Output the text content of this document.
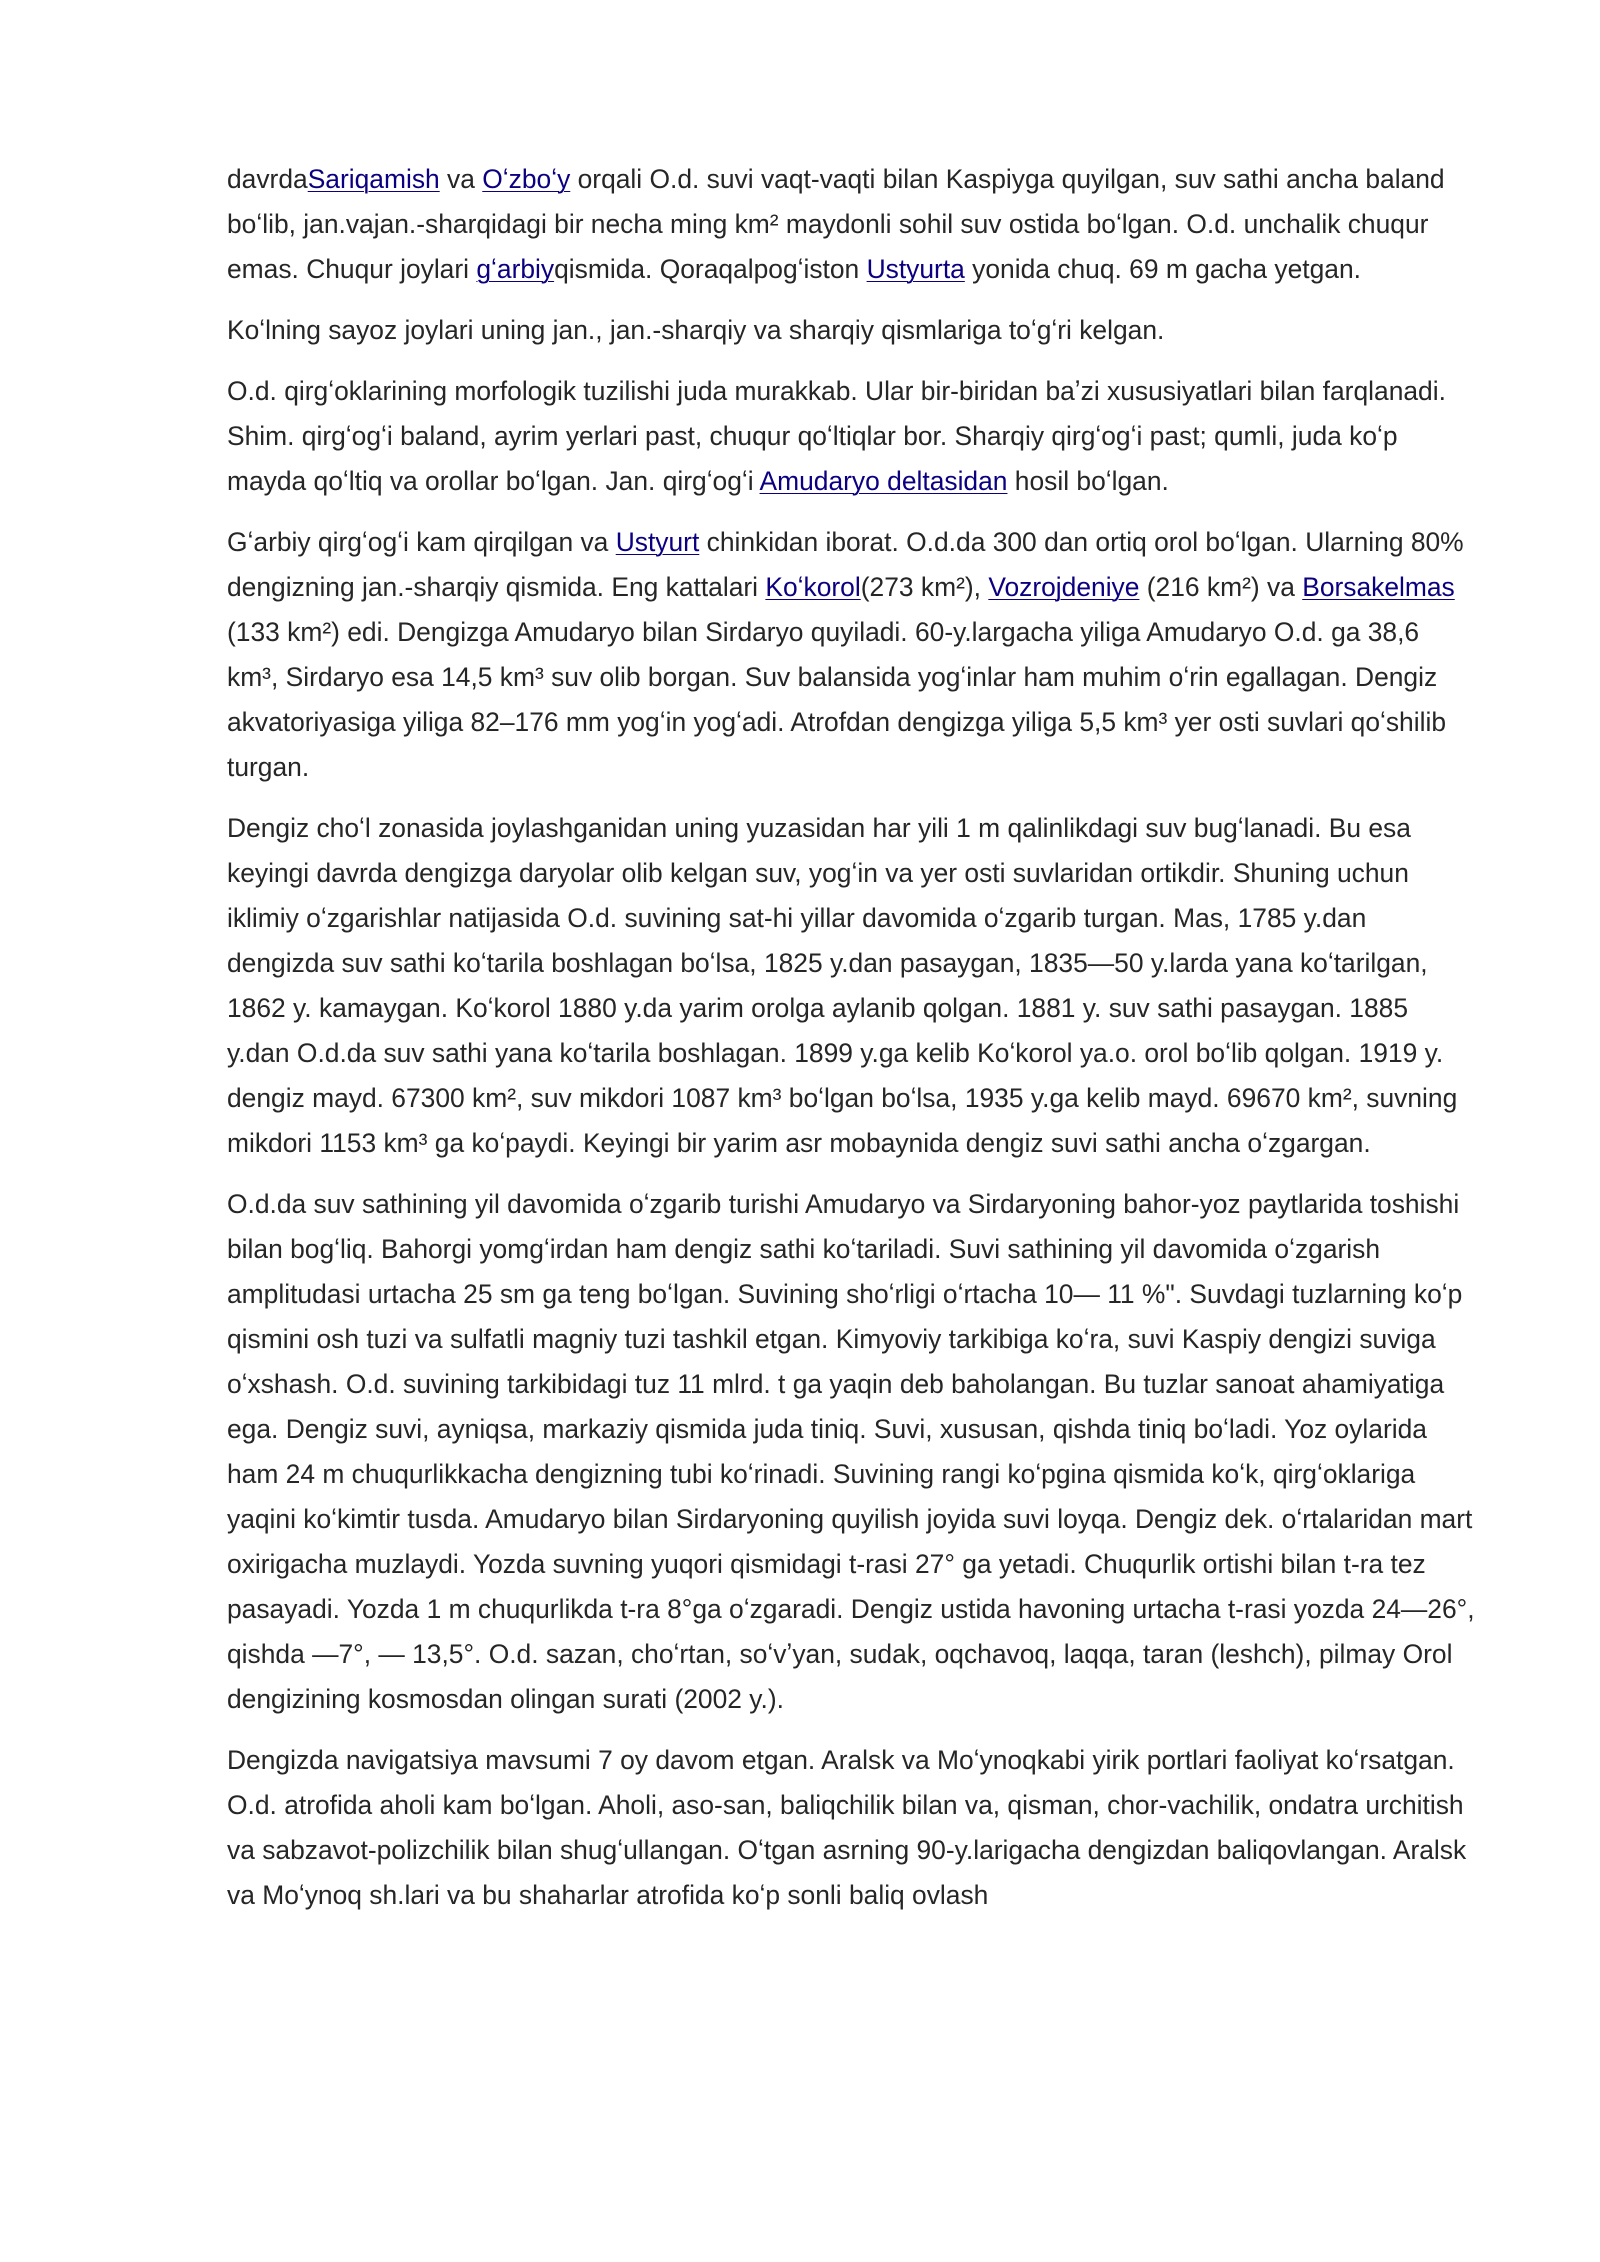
davrdaSariqamish va Oʻzboʻy orqali O.d. suvi vaqt-vaqti bilan Kaspiyga quyilgan, suv sathi ancha baland boʻlib, jan.vajan.-sharqidagi bir necha ming km² maydonli sohil suv ostida boʻlgan. O.d. unchalik chuqur emas. Chuqur joylari gʻarbiyqismida. Qoraqalpogʻiston Ustyurta yonida chuq. 69 m gacha yetgan.

Koʻlning sayoz joylari uning jan., jan.-sharqiy va sharqiy qismlariga toʻgʻri kelgan.

O.d. qirgʻoklarining morfologik tuzilishi juda murakkab. Ular bir-biridan baʼzi xususiyatlari bilan farqlanadi. Shim. qirgʻogʻi baland, ayrim yerlari past, chuqur qoʻltiqlar bor. Sharqiy qirgʻogʻi past; qumli, juda koʻp mayda qoʻltiq va orollar boʻlgan. Jan. qirgʻogʻi Amudaryo deltasidan hosil boʻlgan.

Gʻarbiy qirgʻogʻi kam qirqilgan va Ustyurt chinkidan iborat. O.d.da 300 dan ortiq orol boʻlgan. Ularning 80% dengizning jan.-sharqiy qismida. Eng kattalari Koʻkorol(273 km²), Vozrojdeniye (216 km²) va Borsakelmas (133 km²) edi. Dengizga Amudaryo bilan Sirdaryo quyiladi. 60-y.largacha yiliga Amudaryo O.d. ga 38,6 km³, Sirdaryo esa 14,5 km³ suv olib borgan. Suv balansida yogʻinlar ham muhim oʻrin egallagan. Dengiz akvatoriyasiga yiliga 82–176 mm yogʻin yogʻadi. Atrofdan dengizga yiliga 5,5 km³ yer osti suvlari qoʻshilib turgan.

Dengiz choʻl zonasida joylashganidan uning yuzasidan har yili 1 m qalinlikdagi suv bugʻlanadi. Bu esa keyingi davrda dengizga daryolar olib kelgan suv, yogʻin va yer osti suvlaridan ortikdir. Shuning uchun iklimiy oʻzgarishlar natijasida O.d. suvining sat-hi yillar davomida oʻzgarib turgan. Mas, 1785 y.dan dengizda suv sathi koʻtarila boshlagan boʻlsa, 1825 y.dan pasaygan, 1835—50 y.larda yana koʻtarilgan, 1862 y. kamaygan. Koʻkorol 1880 y.da yarim orolga aylanib qolgan. 1881 y. suv sathi pasaygan. 1885 y.dan O.d.da suv sathi yana koʻtarila boshlagan. 1899 y.ga kelib Koʻkorol ya.o. orol boʻlib qolgan. 1919 y. dengiz mayd. 67300 km², suv mikdori 1087 km³ boʻlgan boʻlsa, 1935 y.ga kelib mayd. 69670 km², suvning mikdori 1153 km³ ga koʻpaydi. Keyingi bir yarim asr mobaynida dengiz suvi sathi ancha oʻzgargan.

O.d.da suv sathining yil davomida oʻzgarib turishi Amudaryo va Sirdaryoning bahor-yoz paytlarida toshishi bilan bogʻliq. Bahorgi yomgʻirdan ham dengiz sathi koʻtariladi. Suvi sathining yil davomida oʻzgarish amplitudasi urtacha 25 sm ga teng boʻlgan. Suvining shoʻrligi oʻrtacha 10— 11 %". Suvdagi tuzlarning koʻp qismini osh tuzi va sulfatli magniy tuzi tashkil etgan. Kimyoviy tarkibiga koʻra, suvi Kaspiy dengizi suviga oʻxshash. O.d. suvining tarkibidagi tuz 11 mlrd. t ga yaqin deb baholangan. Bu tuzlar sanoat ahamiyatiga ega. Dengiz suvi, ayniqsa, markaziy qismida juda tiniq. Suvi, xususan, qishda tiniq boʻladi. Yoz oylarida ham 24 m chuqurlikkacha dengizning tubi koʻrinadi. Suvining rangi koʻpgina qismida koʻk, qirgʻoklariga yaqini koʻkimtir tusda. Amudaryo bilan Sirdaryoning quyilish joyida suvi loyqa. Dengiz dek. oʻrtalaridan mart oxirigacha muzlaydi. Yozda suvning yuqori qismidagi t-rasi 27° ga yetadi. Chuqurlik ortishi bilan t-ra tez pasayadi. Yozda 1 m chuqurlikda t-ra 8°ga oʻzgaradi. Dengiz ustida havoning urtacha t-rasi yozda 24—26°, qishda —7°, — 13,5°. O.d. sazan, choʻrtan, soʻvʼyan, sudak, oqchavoq, laqqa, taran (leshch), pilmay Orol dengizining kosmosdan olingan surati (2002 y.).

Dengizda navigatsiya mavsumi 7 oy davom etgan. Aralsk va Moʻynoqkabi yirik portlari faoliyat koʻrsatgan. O.d. atrofida aholi kam boʻlgan. Aholi, aso-san, baliqchilik bilan va, qisman, chor-vachilik, ondatra urchitish va sabzavot-polizchilik bilan shugʻullangan. Oʻtgan asrning 90-y.larigacha dengizdan baliqovlangan. Aralsk va Moʻynoq sh.lari va bu shaharlar atrofida koʻp sonli baliq ovlash
